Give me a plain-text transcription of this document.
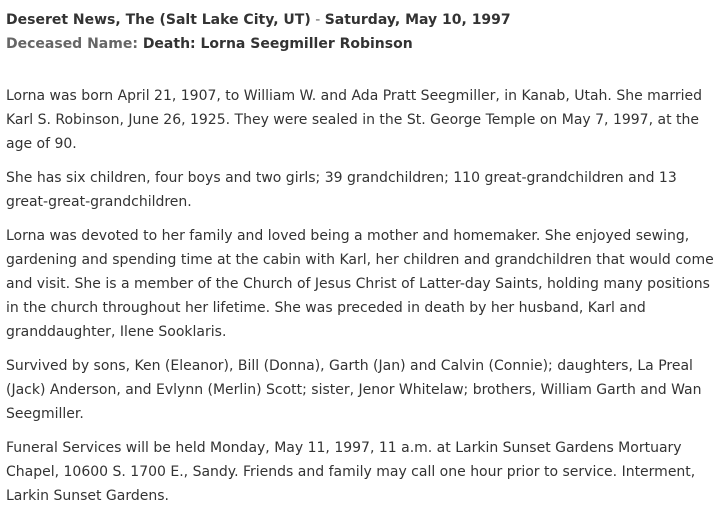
Deseret News, The (Salt Lake City, UT) - Saturday, May 10, 1997
Deceased Name: Death: Lorna Seegmiller Robinson

Lorna was born April 21, 1907, to William W. and Ada Pratt Seegmiller, in Kanab, Utah. She married Karl S. Robinson, June 26, 1925. They were sealed in the St. George Temple on May 7, 1997, at the age of 90.

She has six children, four boys and two girls; 39 grandchildren; 110 great-grandchildren and 13 great-great-grandchildren.

Lorna was devoted to her family and loved being a mother and homemaker. She enjoyed sewing, gardening and spending time at the cabin with Karl, her children and grandchildren that would come and visit. She is a member of the Church of Jesus Christ of Latter-day Saints, holding many positions in the church throughout her lifetime. She was preceded in death by her husband, Karl and granddaughter, Ilene Sooklaris.

Survived by sons, Ken (Eleanor), Bill (Donna), Garth (Jan) and Calvin (Connie); daughters, La Preal (Jack) Anderson, and Evlynn (Merlin) Scott; sister, Jenor Whitelaw; brothers, William Garth and Wan Seegmiller.

Funeral Services will be held Monday, May 11, 1997, 11 a.m. at Larkin Sunset Gardens Mortuary Chapel, 10600 S. 1700 E., Sandy. Friends and family may call one hour prior to service. Interment, Larkin Sunset Gardens.
